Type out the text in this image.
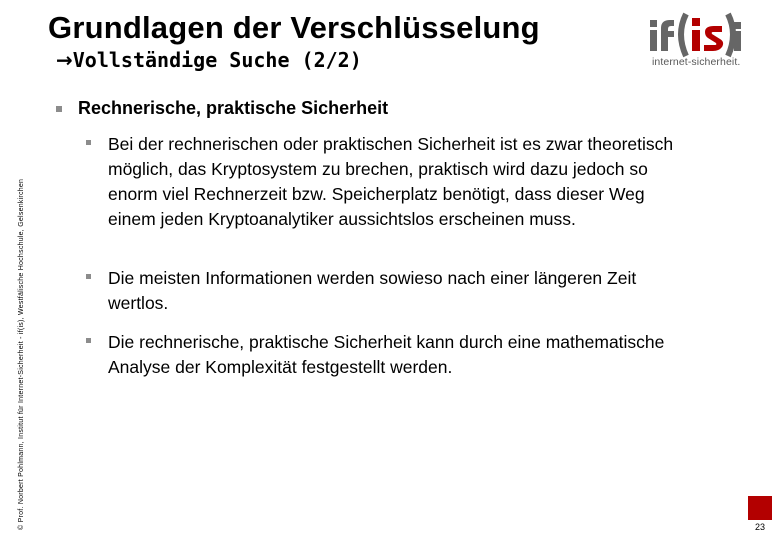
Grundlagen der Verschlüsselung
→Vollständige Suche (2/2)	internet-sicherheit.
© Prof. Norbert Pohlmann, Institut für Internet-Sicherheit - if(is), Westfälische Hochschule, Gelsenkirchen
Rechnerische, praktische Sicherheit
Bei der rechnerischen oder praktischen Sicherheit ist es zwar theoretisch möglich, das Kryptosystem zu brechen, praktisch wird dazu jedoch so enorm viel Rechnerzeit bzw. Speicherplatz benötigt, dass dieser Weg einem jeden Kryptoanalytiker aussichtslos erscheinen muss.
Die meisten Informationen werden sowieso nach einer längeren Zeit wertlos.
Die rechnerische, praktische Sicherheit kann durch eine mathematische Analyse der Komplexität festgestellt werden.
23
